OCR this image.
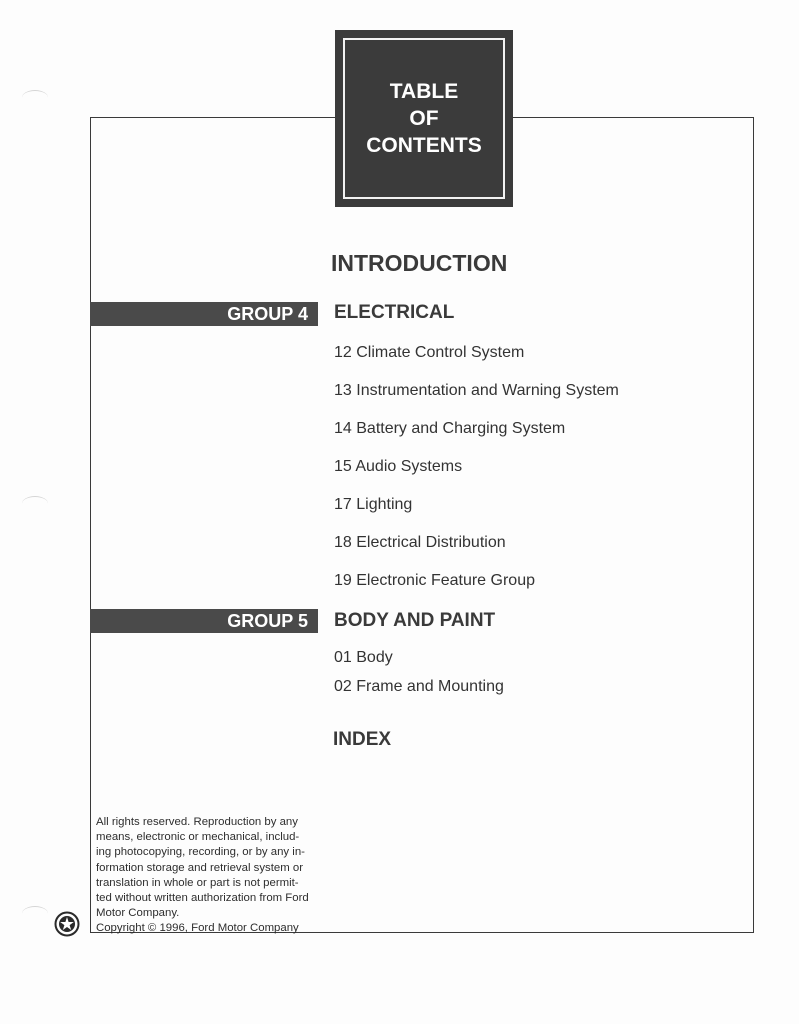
TABLE
OF
CONTENTS
INTRODUCTION
GROUP 4	ELECTRICAL
12 Climate Control System
13 Instrumentation and Warning System
14 Battery and Charging System
15 Audio Systems
17 Lighting
18 Electrical Distribution
19 Electronic Feature Group
GROUP 5	BODY AND PAINT
01 Body
02 Frame and Mounting
INDEX
All rights reserved. Reproduction by any
means, electronic or mechanical, includ-
ing photocopying, recording, or by any in-
formation storage and retrieval system or
translation in whole or part is not permit-
ted without written authorization from Ford
Motor Company.
Copyright © 1996, Ford Motor Company
